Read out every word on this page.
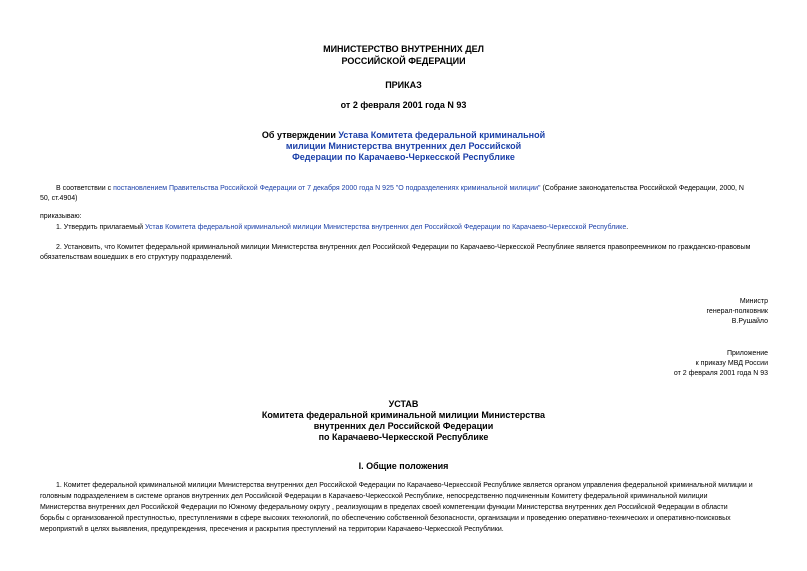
МИНИСТЕРСТВО ВНУТРЕННИХ ДЕЛ
РОССИЙСКОЙ ФЕДЕРАЦИИ
ПРИКАЗ
от 2 февраля 2001 года N 93
Об утверждении Устава Комитета федеральной криминальной
милиции Министерства внутренних дел Российской
Федерации по Карачаево-Черкесской Республике
В соответствии с постановлением Правительства Российской Федерации от 7 декабря 2000 года N 925 "О подразделениях криминальной милиции" (Собрание законодательства Российской Федерации, 2000, N
50, ст.4904)
приказываю:
1. Утвердить прилагаемый Устав Комитета федеральной криминальной милиции Министерства внутренних дел Российской Федерации по Карачаево-Черкесской Республике.
2. Установить, что Комитет федеральной криминальной милиции Министерства внутренних дел Российской Федерации по Карачаево-Черкесской Республике является правопреемником по гражданско-правовым
обязательствам вошедших в его структуру подразделений.
Министр
генерал-полковник
В.Рушайло
Приложение
к приказу МВД России
от 2 февраля 2001 года N 93
УСТАВ
Комитета федеральной криминальной милиции Министерства
внутренних дел Российской Федерации
по Карачаево-Черкесской Республике
I. Общие положения
1. Комитет федеральной криминальной милиции Министерства внутренних дел Российской Федерации по Карачаево-Черкесской Республике является органом управления федеральной криминальной милиции и
головным подразделением в системе органов внутренних дел Российской Федерации в Карачаево-Черкесской Республике, непосредственно подчиненным Комитету федеральной криминальной милиции
Министерства внутренних дел Российской Федерации по Южному федеральному округу , реализующим в пределах своей компетенции функции Министерства внутренних дел Российской Федерации в области
борьбы с организованной преступностью, преступлениями в сфере высоких технологий, по обеспечению собственной безопасности, организации и проведению оперативно-технических и оперативно-поисковых
мероприятий в целях выявления, предупреждения, пресечения и раскрытия преступлений на территории Карачаево-Черкесской Республики.
